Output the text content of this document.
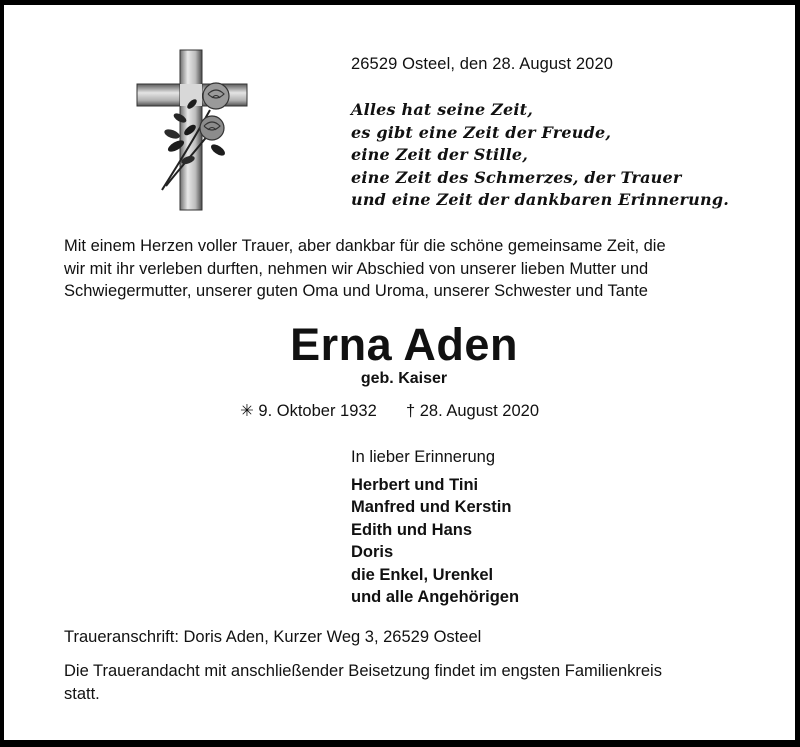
26529 Osteel, den 28. August 2020
Alles hat seine Zeit,
es gibt eine Zeit der Freude,
eine Zeit der Stille,
eine Zeit des Schmerzes, der Trauer
und eine Zeit der dankbaren Erinnerung.
Mit einem Herzen voller Trauer, aber dankbar für die schöne gemeinsame Zeit, die
wir mit ihr verleben durften, nehmen wir Abschied von unserer lieben Mutter und
Schwiegermutter, unserer guten Oma und Uroma, unserer Schwester und Tante
Erna Aden
geb. Kaiser
✳ 9. Oktober 1932 † 28. August 2020
In lieber Erinnerung
Herbert und Tini
Manfred und Kerstin
Edith und Hans
Doris
die Enkel, Urenkel
und alle Angehörigen
Traueranschrift: Doris Aden, Kurzer Weg 3, 26529 Osteel
Die Trauerandacht mit anschließender Beisetzung findet im engsten Familienkreis
statt.
